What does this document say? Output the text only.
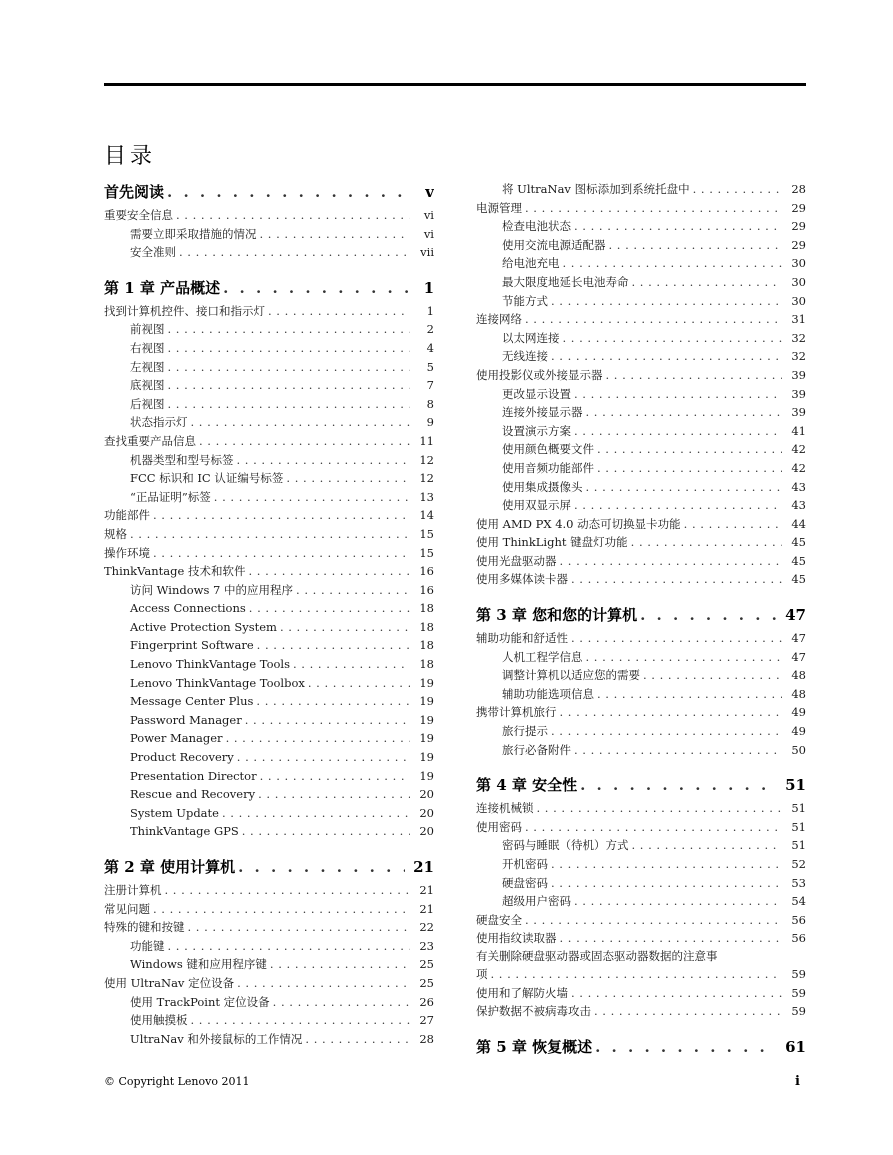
目录
首先阅读 . . .	v
重要安全信息 . . .	vi
需要立即采取措施的情况 . . .	vi
安全准则 . . .	vii
第 1 章 产品概述 . . .	1
找到计算机控件、接口和指示灯 . . .	1
前视图 . . .	2
右视图 . . .	4
左视图 . . .	5
底视图 . . .	7
后视图 . . .	8
状态指示灯 . . .	9
查找重要产品信息 . . .	11
机器类型和型号标签 . . .	12
FCC 标识和 IC 认证编号标签 . . .	12
“正品证明”标签 . . .	13
功能部件 . . .	14
规格 . . .	15
操作环境 . . .	15
ThinkVantage 技术和软件 . . .	16
访问 Windows 7 中的应用程序 . . .	16
Access Connections . . .	18
Active Protection System . . .	18
Fingerprint Software . . .	18
Lenovo ThinkVantage Tools . . .	18
Lenovo ThinkVantage Toolbox . . .	19
Message Center Plus . . .	19
Password Manager . . .	19
Power Manager . . .	19
Product Recovery . . .	19
Presentation Director . . .	19
Rescue and Recovery . . .	20
System Update . . .	20
ThinkVantage GPS . . .	20
第 2 章 使用计算机 . . .	21
注册计算机 . . .	21
常见问题 . . .	21
特殊的键和按键 . . .	22
功能键 . . .	23
Windows 键和应用程序键 . . .	25
使用 UltraNav 定位设备 . . .	25
使用 TrackPoint 定位设备 . . .	26
使用触摸板 . . .	27
UltraNav 和外接鼠标的工作情况 . . .	28
将 UltraNav 图标添加到系统托盘中 . . .	28
电源管理 . . .	29
检查电池状态 . . .	29
使用交流电源适配器 . . .	29
给电池充电 . . .	30
最大限度地延长电池寿命 . . .	30
节能方式 . . .	30
连接网络 . . .	31
以太网连接 . . .	32
无线连接 . . .	32
使用投影仪或外接显示器 . . .	39
更改显示设置 . . .	39
连接外接显示器 . . .	39
设置演示方案 . . .	41
使用颜色概要文件 . . .	42
使用音频功能部件 . . .	42
使用集成摄像头 . . .	43
使用双显示屏 . . .	43
使用 AMD PX 4.0 动态可切换显卡功能 . . .	44
使用 ThinkLight 键盘灯功能 . . .	45
使用光盘驱动器 . . .	45
使用多媒体读卡器 . . .	45
第 3 章 您和您的计算机 . . .	47
辅助功能和舒适性 . . .	47
人机工程学信息 . . .	47
调整计算机以适应您的需要 . . .	48
辅助功能选项信息 . . .	48
携带计算机旅行 . . .	49
旅行提示 . . .	49
旅行必备附件 . . .	50
第 4 章 安全性 . . .	51
连接机械锁 . . .	51
使用密码 . . .	51
密码与睡眠（待机）方式 . . .	51
开机密码 . . .	52
硬盘密码 . . .	53
超级用户密码 . . .	54
硬盘安全 . . .	56
使用指纹读取器 . . .	56
有关删除硬盘驱动器或固态驱动器数据的注意事
项 . . .	59
使用和了解防火墙 . . .	59
保护数据不被病毒攻击 . . .	59
第 5 章 恢复概述 . . .	61
© Copyright Lenovo 2011	i
